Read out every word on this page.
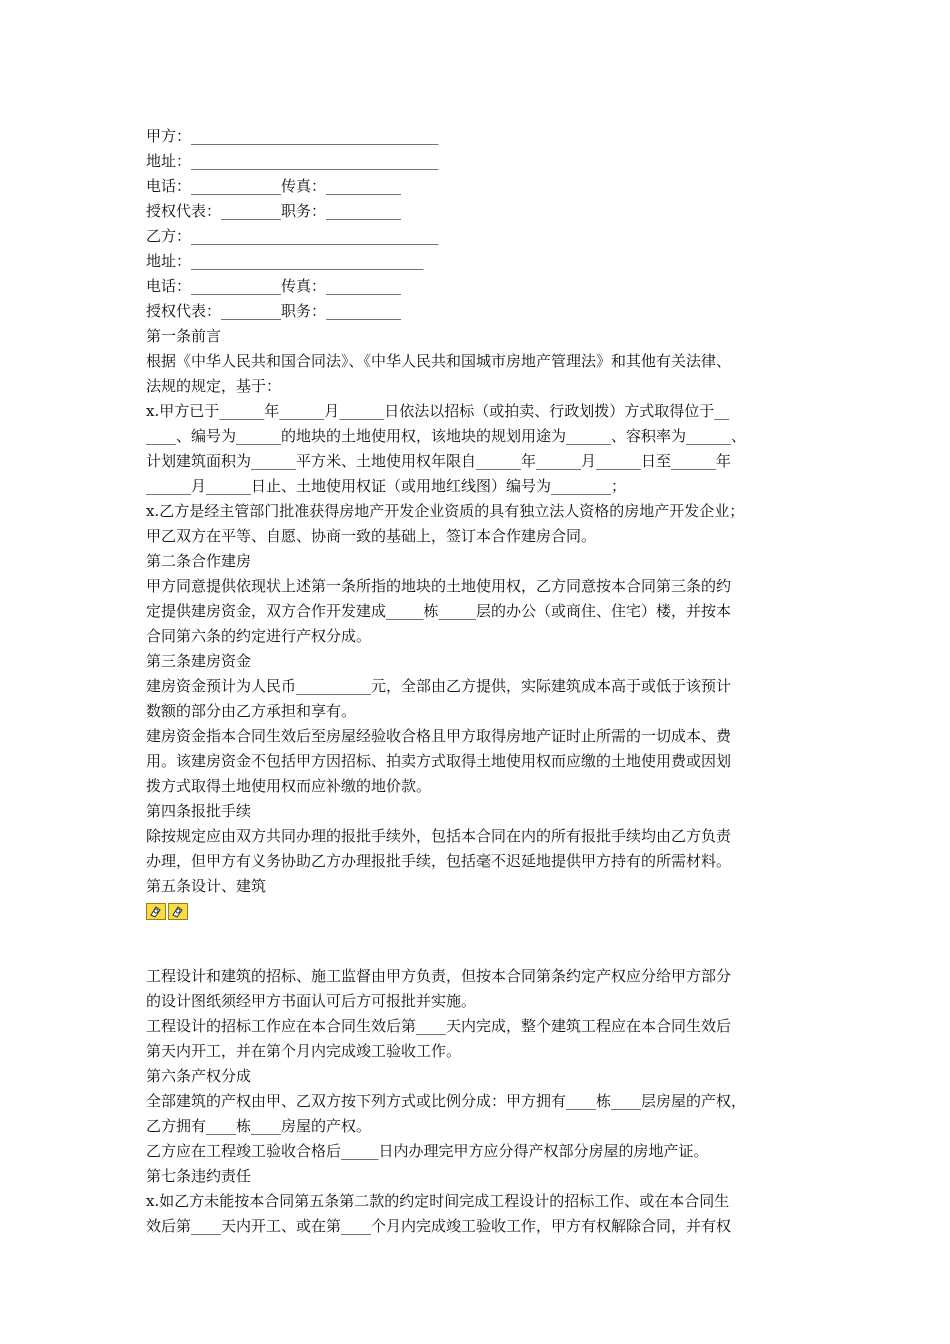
甲方：_________________________________
地址：_________________________________
电话：____________传真：__________
授权代表：________职务：__________
乙方：_________________________________
地址：_______________________________
电话：____________传真：__________
授权代表：________职务：__________
第一条前言
根据《中华人民共和国合同法》、《中华人民共和国城市房地产管理法》和其他有关法律、
法规的规定，基于：
x.甲方已于______年______月______日依法以招标（或拍卖、行政划拨）方式取得位于__
____、编号为______的地块的土地使用权，该地块的规划用途为______、容积率为______、
计划建筑面积为______平方米、土地使用权年限自______年______月______日至______年
______月______日止、土地使用权证（或用地红线图）编号为________；
x.乙方是经主管部门批准获得房地产开发企业资质的具有独立法人资格的房地产开发企业；
甲乙双方在平等、自愿、协商一致的基础上，签订本合作建房合同。
第二条合作建房
甲方同意提供依现状上述第一条所指的地块的土地使用权，乙方同意按本合同第三条的约
定提供建房资金，双方合作开发建成_____栋_____层的办公（或商住、住宅）楼，并按本
合同第六条的约定进行产权分成。
第三条建房资金
建房资金预计为人民币__________元，全部由乙方提供，实际建筑成本高于或低于该预计
数额的部分由乙方承担和享有。
建房资金指本合同生效后至房屋经验收合格且甲方取得房地产证时止所需的一切成本、费
用。该建房资金不包括甲方因招标、拍卖方式取得土地使用权而应缴的土地使用费或因划
拨方式取得土地使用权而应补缴的地价款。
第四条报批手续
除按规定应由双方共同办理的报批手续外，包括本合同在内的所有报批手续均由乙方负责
办理，但甲方有义务协助乙方办理报批手续，包括毫不迟延地提供甲方持有的所需材料。
第五条设计、建筑
工程设计和建筑的招标、施工监督由甲方负责，但按本合同第条约定产权应分给甲方部分
的设计图纸须经甲方书面认可后方可报批并实施。
工程设计的招标工作应在本合同生效后第____天内完成，整个建筑工程应在本合同生效后
第天内开工，并在第个月内完成竣工验收工作。
第六条产权分成
全部建筑的产权由甲、乙双方按下列方式或比例分成：甲方拥有____栋____层房屋的产权，
乙方拥有____栋____房屋的产权。
乙方应在工程竣工验收合格后_____日内办理完甲方应分得产权部分房屋的房地产证。
第七条违约责任
x.如乙方未能按本合同第五条第二款的约定时间完成工程设计的招标工作、或在本合同生
效后第____天内开工、或在第____个月内完成竣工验收工作，甲方有权解除合同，并有权
